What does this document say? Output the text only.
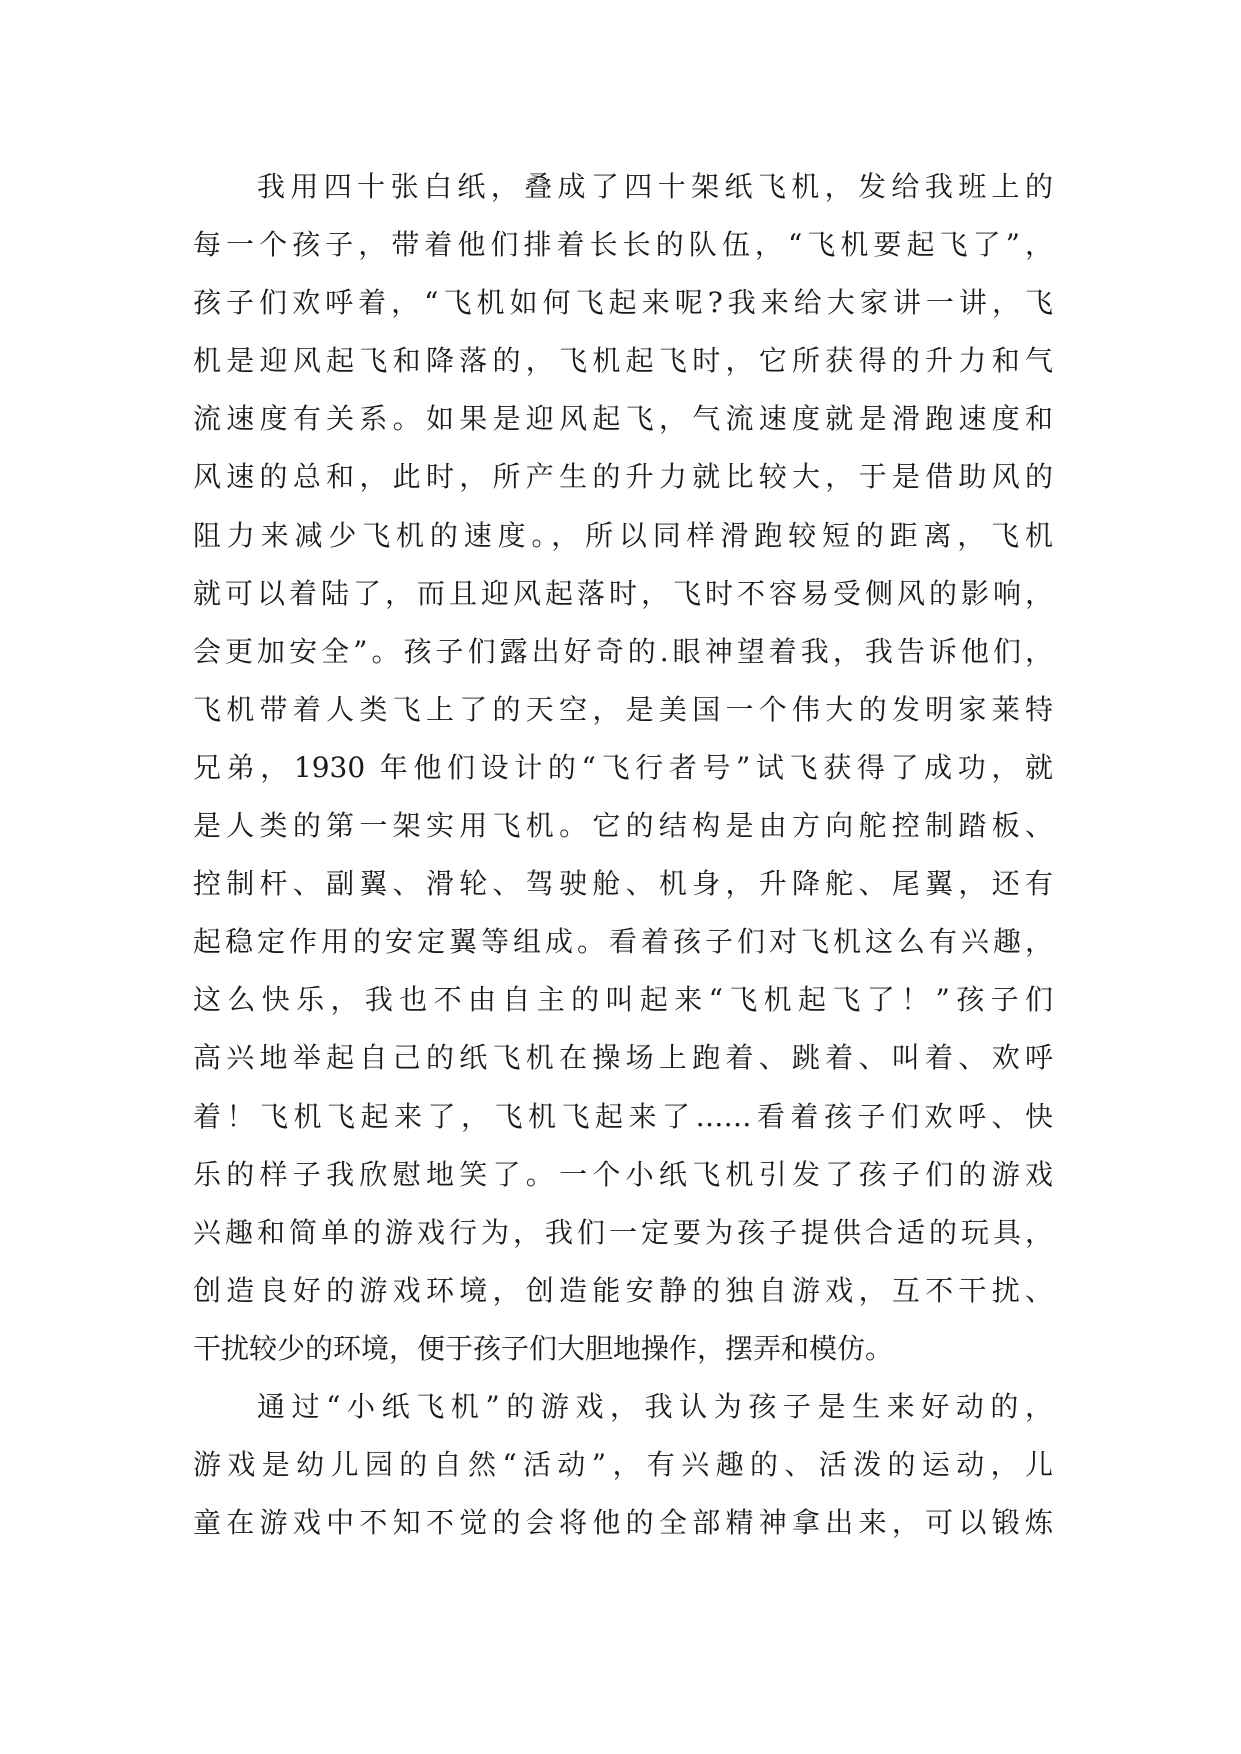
我用四十张白纸，叠成了四十架纸飞机，发给我班上的
每一个孩子，带着他们排着长长的队伍，“飞机要起飞了”，
孩子们欢呼着，“飞机如何飞起来呢?我来给大家讲一讲，飞
机是迎风起飞和降落的，飞机起飞时，它所获得的升力和气
流速度有关系。如果是迎风起飞，气流速度就是滑跑速度和
风速的总和，此时，所产生的升力就比较大，于是借助风的
阻力来减少飞机的速度。，所以同样滑跑较短的距离，飞机
就可以着陆了，而且迎风起落时，飞时不容易受侧风的影响，
会更加安全”。孩子们露出好奇的.眼神望着我，我告诉他们，
飞机带着人类飞上了的天空，是美国一个伟大的发明家莱特
兄弟，1930 年他们设计的“飞行者号”试飞获得了成功，就
是人类的第一架实用飞机。它的结构是由方向舵控制踏板、
控制杆、副翼、滑轮、驾驶舱、机身，升降舵、尾翼，还有
起稳定作用的安定翼等组成。看着孩子们对飞机这么有兴趣，
这么快乐，我也不由自主的叫起来“飞机起飞了！”孩子们
高兴地举起自己的纸飞机在操场上跑着、跳着、叫着、欢呼
着！飞机飞起来了，飞机飞起来了……看着孩子们欢呼、快
乐的样子我欣慰地笑了。一个小纸飞机引发了孩子们的游戏
兴趣和简单的游戏行为，我们一定要为孩子提供合适的玩具，
创造良好的游戏环境，创造能安静的独自游戏，互不干扰、
干扰较少的环境，便于孩子们大胆地操作，摆弄和模仿。
通过“小纸飞机”的游戏，我认为孩子是生来好动的，
游戏是幼儿园的自然“活动”，有兴趣的、活泼的运动，儿
童在游戏中不知不觉的会将他的全部精神拿出来，可以锻炼
